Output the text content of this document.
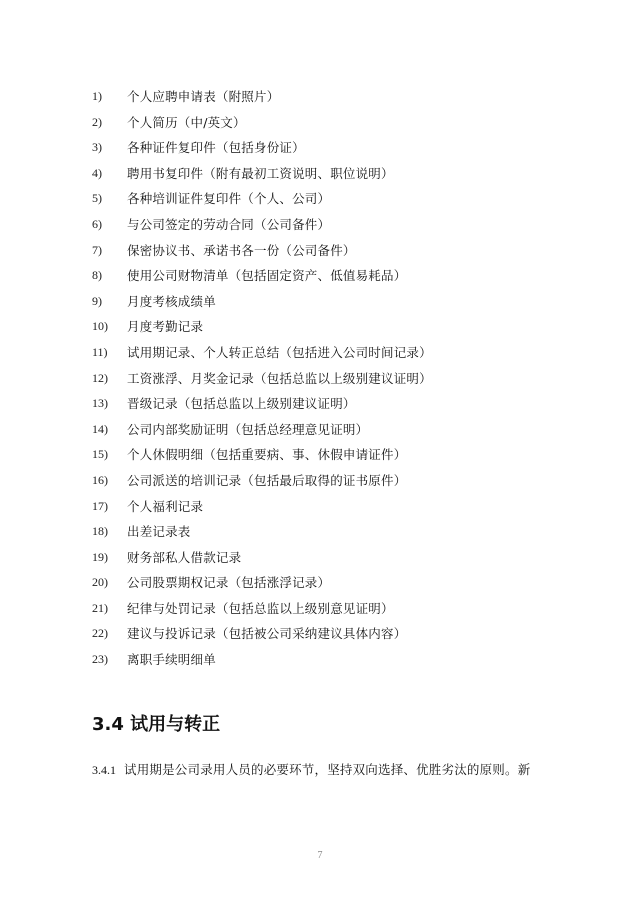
1)	个人应聘申请表（附照片）
2)	个人简历（中/英文）
3)	各种证件复印件（包括身份证）
4)	聘用书复印件（附有最初工资说明、职位说明）
5)	各种培训证件复印件（个人、公司）
6)	与公司签定的劳动合同（公司备件）
7)	保密协议书、承诺书各一份（公司备件）
8)	使用公司财物清单（包括固定资产、低值易耗品）
9)	月度考核成绩单
10)	月度考勤记录
11)	试用期记录、个人转正总结（包括进入公司时间记录）
12)	工资涨浮、月奖金记录（包括总监以上级别建议证明）
13)	晋级记录（包括总监以上级别建议证明）
14)	公司内部奖励证明（包括总经理意见证明）
15)	个人休假明细（包括重要病、事、休假申请证件）
16)	公司派送的培训记录（包括最后取得的证书原件）
17)	个人福利记录
18)	出差记录表
19)	财务部私人借款记录
20)	公司股票期权记录（包括涨浮记录）
21)	纪律与处罚记录（包括总监以上级别意见证明）
22)	建议与投诉记录（包括被公司采纳建议具体内容）
23)	离职手续明细单
3.4 试用与转正

3.4.1 试用期是公司录用人员的必要环节，坚持双向选择、优胜劣汰的原则。新

7
